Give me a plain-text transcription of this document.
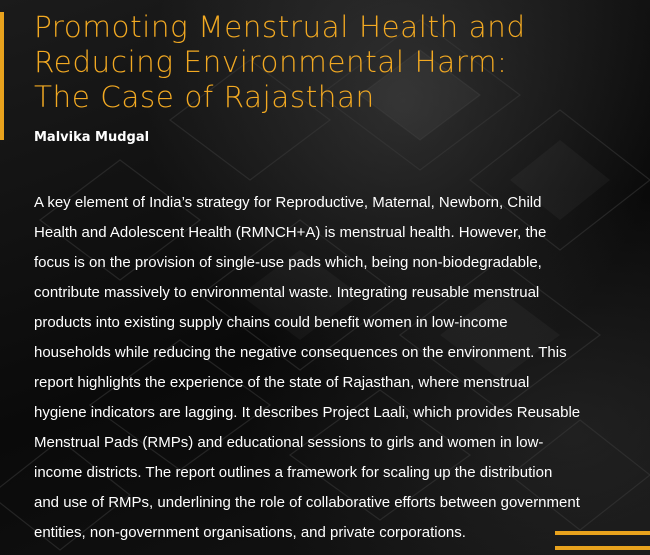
Promoting Menstrual Health and
Reducing Environmental Harm:
The Case of Rajasthan
Malvika Mudgal
A key element of India’s strategy for Reproductive, Maternal, Newborn, Child
Health and Adolescent Health (RMNCH+A) is menstrual health. However, the
focus is on the provision of single-use pads which, being non-biodegradable,
contribute massively to environmental waste. Integrating reusable menstrual
products into existing supply chains could benefit women in low-income
households while reducing the negative consequences on the environment. This
report highlights the experience of the state of Rajasthan, where menstrual
hygiene indicators are lagging. It describes Project Laali, which provides Reusable
Menstrual Pads (RMPs) and educational sessions to girls and women in low-
income districts. The report outlines a framework for scaling up the distribution
and use of RMPs, underlining the role of collaborative efforts between government
entities, non-government organisations, and private corporations.
